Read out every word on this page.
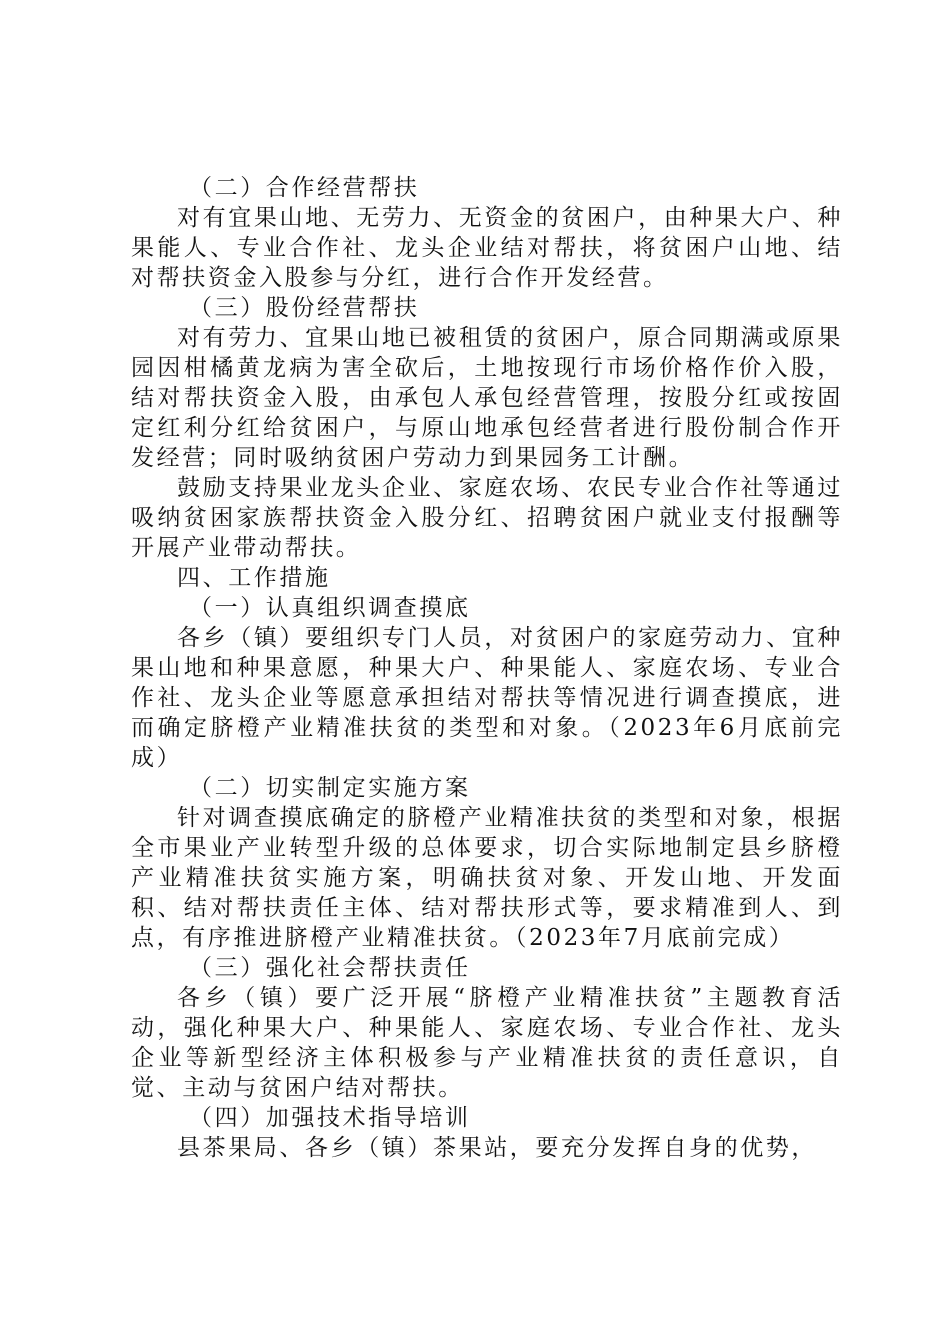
（二）合作经营帮扶

对有宜果山地、无劳力、无资金的贫困户，由种果大户、种果能人、专业合作社、龙头企业结对帮扶，将贫困户山地、结对帮扶资金入股参与分红，进行合作开发经营。

（三）股份经营帮扶

对有劳力、宜果山地已被租赁的贫困户，原合同期满或原果园因柑橘黄龙病为害全砍后，土地按现行市场价格作价入股，结对帮扶资金入股，由承包人承包经营管理，按股分红或按固定红利分红给贫困户，与原山地承包经营者进行股份制合作开发经营；同时吸纳贫困户劳动力到果园务工计酬。

鼓励支持果业龙头企业、家庭农场、农民专业合作社等通过吸纳贫困家族帮扶资金入股分红、招聘贫困户就业支付报酬等开展产业带动帮扶。

四、工作措施
（一）认真组织调查摸底

各乡（镇）要组织专门人员，对贫困户的家庭劳动力、宜种果山地和种果意愿，种果大户、种果能人、家庭农场、专业合作社、龙头企业等愿意承担结对帮扶等情况进行调查摸底，进而确定脐橙产业精准扶贫的类型和对象。（2023年6月底前完成）

（二）切实制定实施方案

针对调查摸底确定的脐橙产业精准扶贫的类型和对象，根据全市果业产业转型升级的总体要求，切合实际地制定县乡脐橙产业精准扶贫实施方案，明确扶贫对象、开发山地、开发面积、结对帮扶责任主体、结对帮扶形式等，要求精准到人、到点，有序推进脐橙产业精准扶贫。（2023年7月底前完成）

（三）强化社会帮扶责任

各乡（镇）要广泛开展“脐橙产业精准扶贫”主题教育活动，强化种果大户、种果能人、家庭农场、专业合作社、龙头企业等新型经济主体积极参与产业精准扶贫的责任意识，自觉、主动与贫困户结对帮扶。

（四）加强技术指导培训

县茶果局、各乡（镇）茶果站，要充分发挥自身的优势，
